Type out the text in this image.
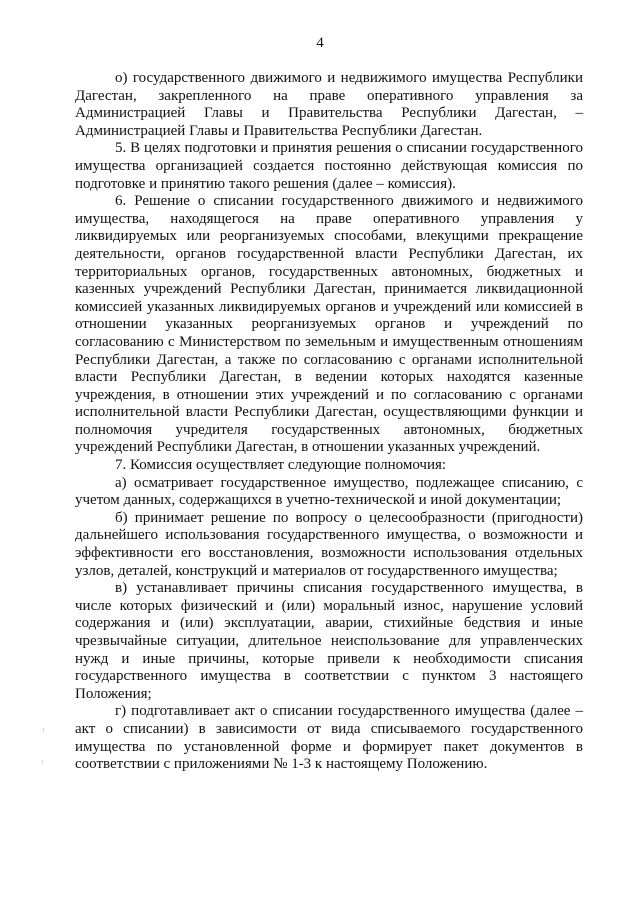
4

о) государственного движимого и недвижимого имущества Республики Дагестан, закрепленного на праве оперативного управления за Администрацией Главы и Правительства Республики Дагестан, – Администрацией Главы и Правительства Республики Дагестан.

5. В целях подготовки и принятия решения о списании государственного имущества организацией создается постоянно действующая комиссия по подготовке и принятию такого решения (далее – комиссия).

6. Решение о списании государственного движимого и недвижимого имущества, находящегося на праве оперативного управления у ликвидируемых или реорганизуемых способами, влекущими прекращение деятельности, органов государственной власти Республики Дагестан, их территориальных органов, государственных автономных, бюджетных и казенных учреждений Республики Дагестан, принимается ликвидационной комиссией указанных ликвидируемых органов и учреждений или комиссией в отношении указанных реорганизуемых органов и учреждений по согласованию с Министерством по земельным и имущественным отношениям Республики Дагестан, а также по согласованию с органами исполнительной власти Республики Дагестан, в ведении которых находятся казенные учреждения, в отношении этих учреждений и по согласованию с органами исполнительной власти Республики Дагестан, осуществляющими функции и полномочия учредителя государственных автономных, бюджетных учреждений Республики Дагестан, в отношении указанных учреждений.

7. Комиссия осуществляет следующие полномочия:

а) осматривает государственное имущество, подлежащее списанию, с учетом данных, содержащихся в учетно-технической и иной документации;

б) принимает решение по вопросу о целесообразности (пригодности) дальнейшего использования государственного имущества, о возможности и эффективности его восстановления, возможности использования отдельных узлов, деталей, конструкций и материалов от государственного имущества;

в) устанавливает причины списания государственного имущества, в числе которых физический и (или) моральный износ, нарушение условий содержания и (или) эксплуатации, аварии, стихийные бедствия и иные чрезвычайные ситуации, длительное неиспользование для управленческих нужд и иные причины, которые привели к необходимости списания государственного имущества в соответствии с пунктом 3 настоящего Положения;

г) подготавливает акт о списании государственного имущества (далее – акт о списании) в зависимости от вида списываемого государственного имущества по установленной форме и формирует пакет документов в соответствии с приложениями № 1-3 к настоящему Положению.
